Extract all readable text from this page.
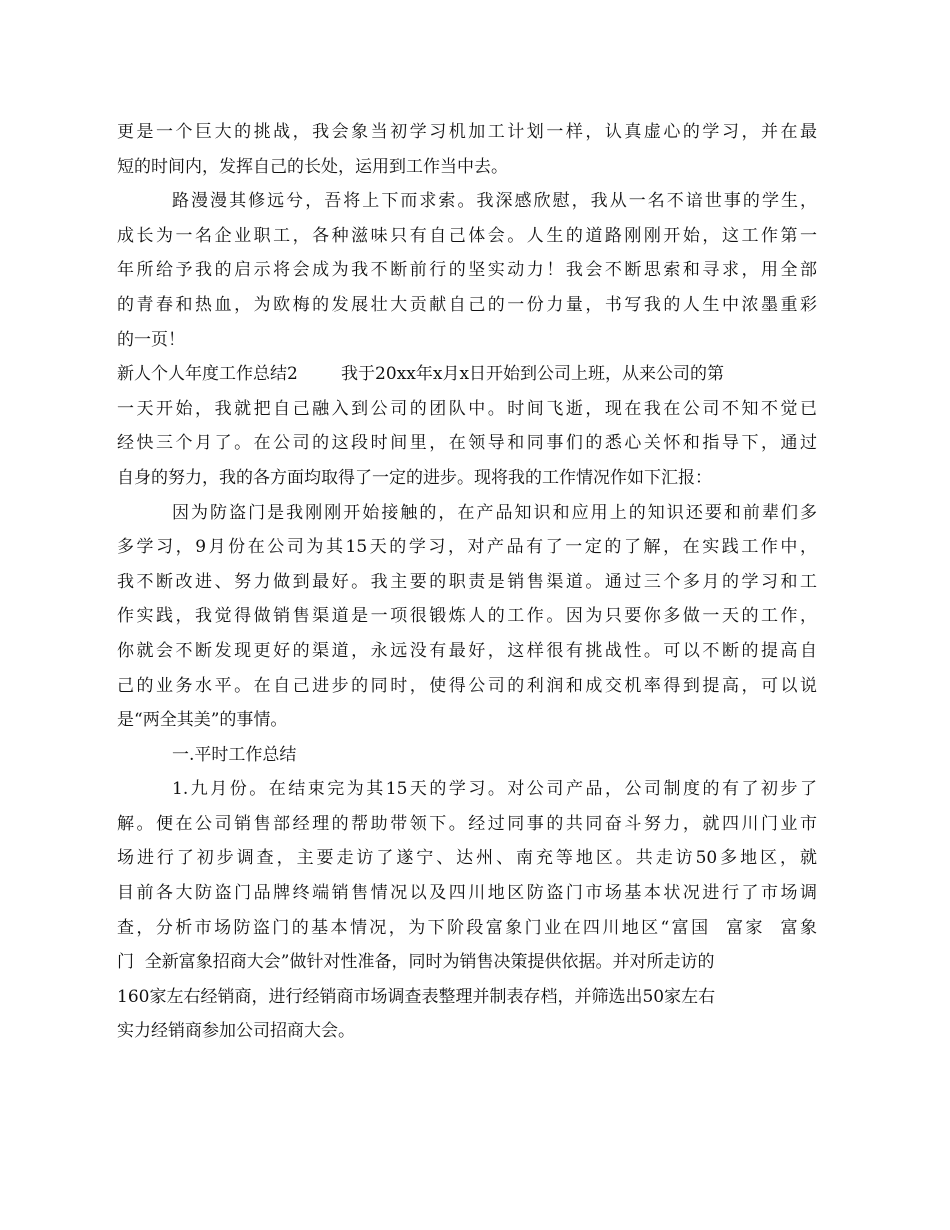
更是一个巨大的挑战，我会象当初学习机加工计划一样，认真虚心的学习，并在最
短的时间内，发挥自己的长处，运用到工作当中去。
路漫漫其修远兮，吾将上下而求索。我深感欣慰，我从一名不谙世事的学生，
成长为一名企业职工，各种滋味只有自己体会。人生的道路刚刚开始，这工作第一
年所给予我的启示将会成为我不断前行的坚实动力！我会不断思索和寻求，用全部
的青春和热血，为欧梅的发展壮大贡献自己的一份力量，书写我的人生中浓墨重彩
的一页！
新人个人年度工作总结2        我于20xx年x月x日开始到公司上班，从来公司的第
一天开始，我就把自己融入到公司的团队中。时间飞逝，现在我在公司不知不觉已
经快三个月了。在公司的这段时间里，在领导和同事们的悉心关怀和指导下，通过
自身的努力，我的各方面均取得了一定的进步。现将我的工作情况作如下汇报：
因为防盗门是我刚刚开始接触的，在产品知识和应用上的知识还要和前辈们多
多学习，9月份在公司为其15天的学习，对产品有了一定的了解，在实践工作中，
我不断改进、努力做到最好。我主要的职责是销售渠道。通过三个多月的学习和工
作实践，我觉得做销售渠道是一项很锻炼人的工作。因为只要你多做一天的工作，
你就会不断发现更好的渠道，永远没有最好，这样很有挑战性。可以不断的提高自
己的业务水平。在自己进步的同时，使得公司的利润和成交机率得到提高，可以说
是“两全其美”的事情。
一.平时工作总结
1.九月份。在结束完为其15天的学习。对公司产品，公司制度的有了初步了
解。便在公司销售部经理的帮助带领下。经过同事的共同奋斗努力，就四川门业市
场进行了初步调查，主要走访了遂宁、达州、南充等地区。共走访50多地区，就
目前各大防盗门品牌终端销售情况以及四川地区防盗门市场基本状况进行了市场调
查，分析市场防盗门的基本情况，为下阶段富象门业在四川地区“富国  富家  富象
门  全新富象招商大会”做针对性准备，同时为销售决策提供依据。并对所走访的
160家左右经销商，进行经销商市场调查表整理并制表存档，并筛选出50家左右
实力经销商参加公司招商大会。
